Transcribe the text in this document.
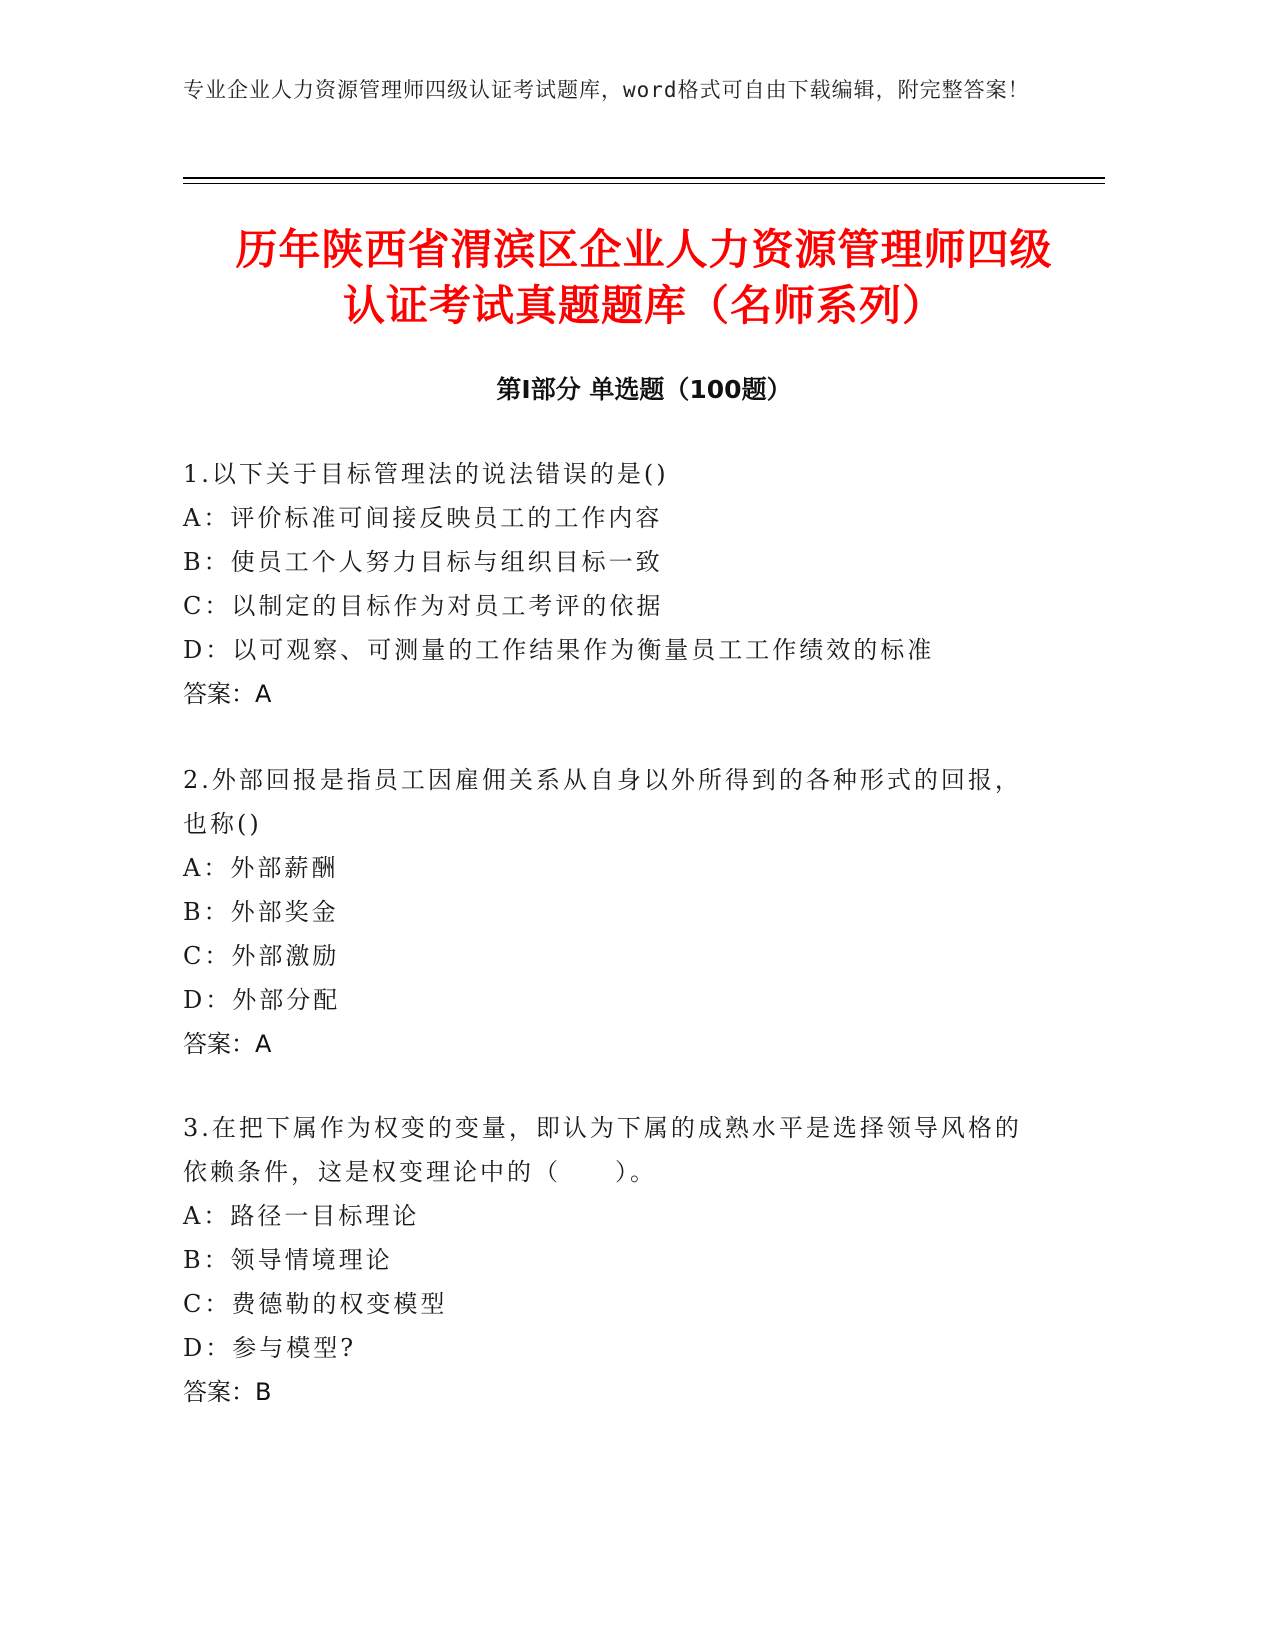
专业企业人力资源管理师四级认证考试题库，word格式可自由下载编辑，附完整答案！
历年陕西省渭滨区企业人力资源管理师四级
认证考试真题题库（名师系列）
第Ⅰ部分 单选题（100题）
1.以下关于目标管理法的说法错误的是()
A：评价标准可间接反映员工的工作内容
B：使员工个人努力目标与组织目标一致
C：以制定的目标作为对员工考评的依据
D：以可观察、可测量的工作结果作为衡量员工工作绩效的标准
答案：A
2.外部回报是指员工因雇佣关系从自身以外所得到的各种形式的回报，也称()
A：外部薪酬
B：外部奖金
C：外部激励
D：外部分配
答案：A
3.在把下属作为权变的变量，即认为下属的成熟水平是选择领导风格的依赖条件，这是权变理论中的（　　）。
A：路径一目标理论
B：领导情境理论
C：费德勒的权变模型
D：参与模型?
答案：B
